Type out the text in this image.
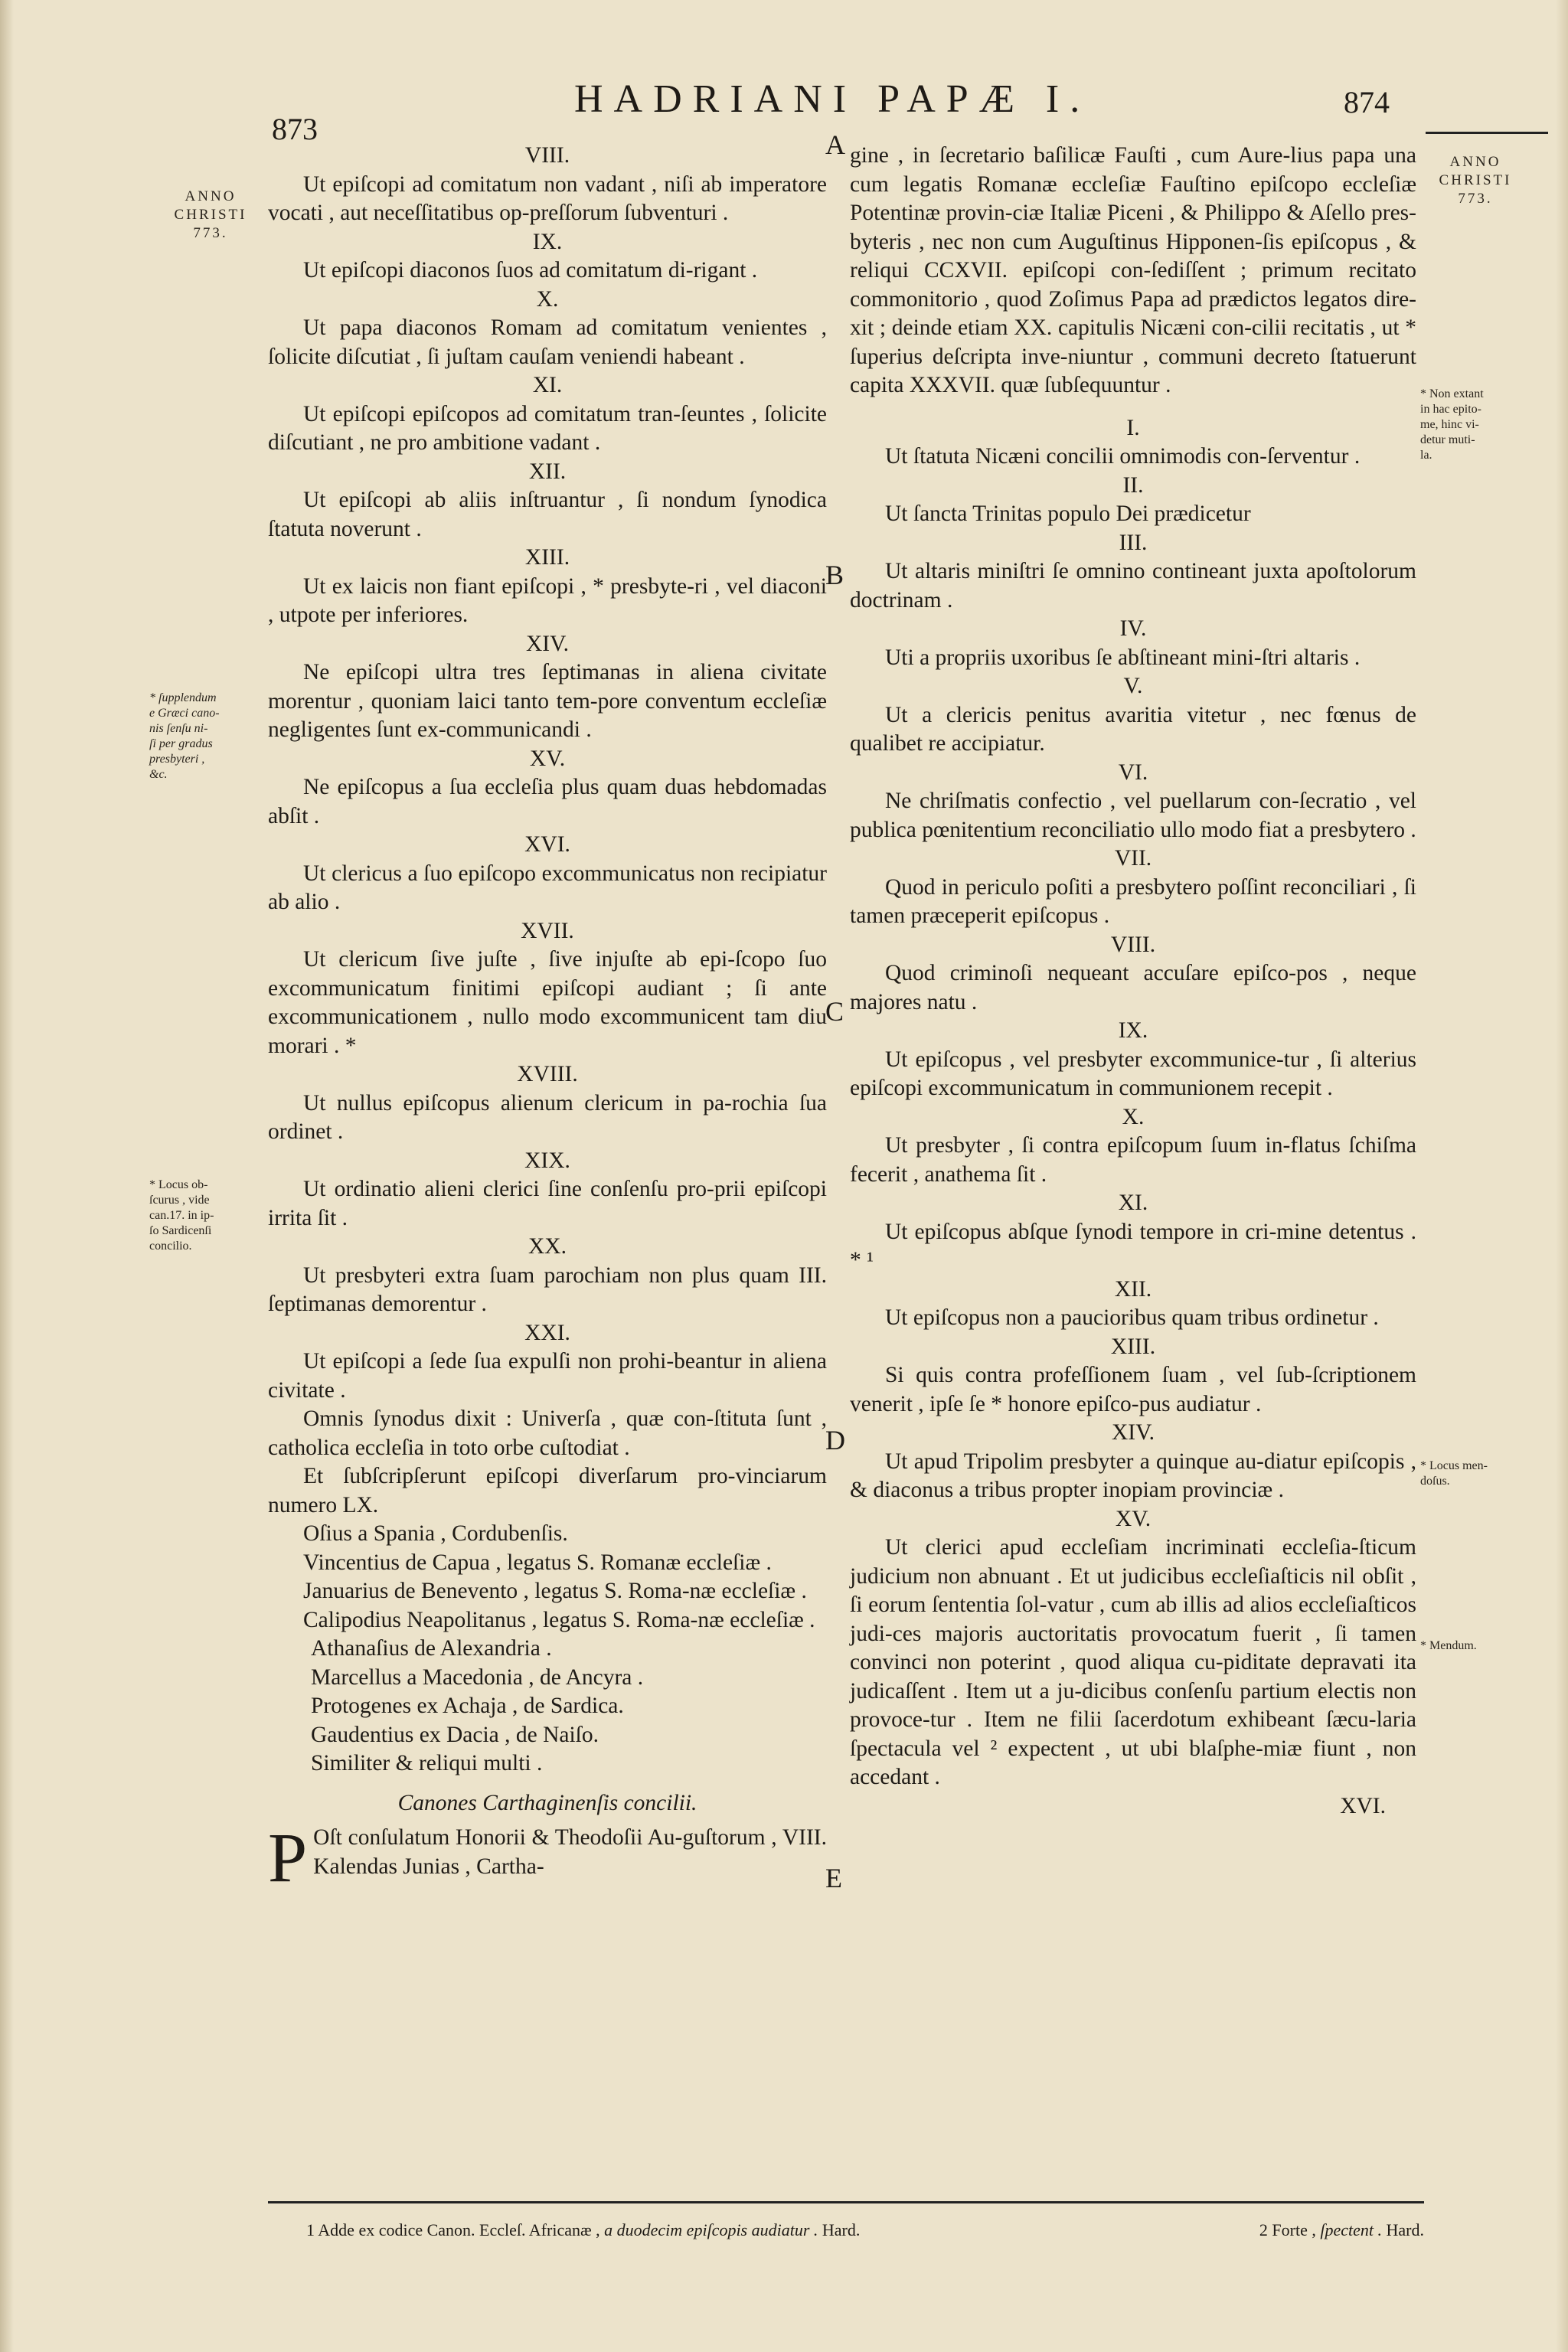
873
HADRIANI PAPÆ I.	874
ANNO
CHRISTI
773.
* ſupplendum
e Græci cano-
nis ſenſu ni-
ſi per gradus
presbyteri ,
&c.
* Locus ob-
ſcurus , vide
can.17. in ip-
ſo Sardicenſi
concilio.
ANNO
CHRISTI
773.
* Non extant
in hac epito-
me, hinc vi-
detur muti-
la.
* Locus men-
doſus.
* Mendum.
A
B
C
D
E

VIII.

Ut epiſcopi ad comitatum non vadant , niſi ab imperatore vocati , aut neceſſitatibus op-preſſorum ſubventuri .

IX.

Ut epiſcopi diaconos ſuos ad comitatum di-rigant .

X.

Ut papa diaconos Romam ad comitatum venientes , ſolicite diſcutiat , ſi juſtam cauſam veniendi habeant .

XI.

Ut epiſcopi epiſcopos ad comitatum tran-ſeuntes , ſolicite diſcutiant , ne pro ambitione vadant .

XII.

Ut epiſcopi ab aliis inſtruantur , ſi nondum ſynodica ſtatuta noverunt .

XIII.

Ut ex laicis non fiant epiſcopi , * presbyte-ri , vel diaconi , utpote per inferiores.

XIV.

Ne epiſcopi ultra tres ſeptimanas in aliena civitate morentur , quoniam laici tanto tem-pore conventum eccleſiæ negligentes ſunt ex-communicandi .

XV.

Ne epiſcopus a ſua eccleſia plus quam duas hebdomadas abſit .

XVI.

Ut clericus a ſuo epiſcopo excommunicatus non recipiatur ab alio .

XVII.

Ut clericum ſive juſte , ſive injuſte ab epi-ſcopo ſuo excommunicatum finitimi epiſcopi audiant ; ſi ante excommunicationem , nullo modo excommunicent tam diu morari . *

XVIII.

Ut nullus epiſcopus alienum clericum in pa-rochia ſua ordinet .

XIX.

Ut ordinatio alieni clerici ſine conſenſu pro-prii epiſcopi irrita ſit .

XX.

Ut presbyteri extra ſuam parochiam non plus quam III. ſeptimanas demorentur .

XXI.

Ut epiſcopi a ſede ſua expulſi non prohi-beantur in aliena civitate .

Omnis ſynodus dixit : Univerſa , quæ con-ſtituta ſunt , catholica eccleſia in toto orbe cuſtodiat .

Et ſubſcripſerunt epiſcopi diverſarum pro-vinciarum numero LX.

Oſius a Spania , Cordubenſis.

Vincentius de Capua , legatus S. Romanæ eccleſiæ .

Januarius de Benevento , legatus S. Roma-næ eccleſiæ .

Calipodius Neapolitanus , legatus S. Roma-næ eccleſiæ .

Athanaſius de Alexandria .

Marcellus a Macedonia , de Ancyra .

Protogenes ex Achaja , de Sardica.

Gaudentius ex Dacia , de Naiſo.

Similiter & reliqui multi .

Canones Carthaginenſis concilii.

P Oſt conſulatum Honorii & Theodoſii Au-guſtorum , VIII. Kalendas Junias , Cartha-

gine , in ſecretario baſilicæ Fauſti , cum Aure-lius papa una cum legatis Romanæ eccleſiæ Fauſtino epiſcopo eccleſiæ Potentinæ provin-ciæ Italiæ Piceni , & Philippo & Aſello pres-byteris , nec non cum Auguſtinus Hipponen-ſis epiſcopus , & reliqui CCXVII. epiſcopi con-ſediſſent ; primum recitato commonitorio , quod Zoſimus Papa ad prædictos legatos dire-xit ; deinde etiam XX. capitulis Nicæni con-cilii recitatis , ut * ſuperius deſcripta inve-niuntur , communi decreto ſtatuerunt capita XXXVII. quæ ſubſequuntur .

I.

Ut ſtatuta Nicæni concilii omnimodis con-ſerventur .

II.

Ut ſancta Trinitas populo Dei prædicetur

III.

Ut altaris miniſtri ſe omnino contineant juxta apoſtolorum doctrinam .

IV.

Uti a propriis uxoribus ſe abſtineant mini-ſtri altaris .

V.

Ut a clericis penitus avaritia vitetur , nec fœnus de qualibet re accipiatur.

VI.

Ne chriſmatis confectio , vel puellarum con-ſecratio , vel publica pœnitentium reconciliatio ullo modo fiat a presbytero .

VII.

Quod in periculo poſiti a presbytero poſſint reconciliari , ſi tamen præceperit epiſcopus .

VIII.

Quod criminoſi nequeant accuſare epiſco-pos , neque majores natu .

IX.

Ut epiſcopus , vel presbyter excommunice-tur , ſi alterius epiſcopi excommunicatum in communionem recepit .

X.

Ut presbyter , ſi contra epiſcopum ſuum in-flatus ſchiſma fecerit , anathema ſit .

XI.

Ut epiſcopus abſque ſynodi tempore in cri-mine detentus . * ¹

XII.

Ut epiſcopus non a paucioribus quam tribus ordinetur .

XIII.

Si quis contra profeſſionem ſuam , vel ſub-ſcriptionem venerit , ipſe ſe * honore epiſco-pus audiatur .

XIV.

Ut apud Tripolim presbyter a quinque au-diatur epiſcopis , & diaconus a tribus propter inopiam provinciæ .

XV.

Ut clerici apud eccleſiam incriminati eccleſia-ſticum judicium non abnuant . Et ut judicibus eccleſiaſticis nil obſit , ſi eorum ſententia ſol-vatur , cum ab illis ad alios eccleſiaſticos judi-ces majoris auctoritatis provocatum fuerit , ſi tamen convinci non poterint , quod aliqua cu-piditate depravati ita judicaſſent . Item ut a ju-dicibus conſenſu partium electis non provoce-tur . Item ne filii ſacerdotum exhibeant ſæcu-laria ſpectacula vel ² expectent , ut ubi blaſphe-miæ fiunt , non accedant .

XVI.

1 Adde ex codice Canon. Eccleſ. Africanæ , a duodecim epiſcopis audiatur . Hard.	2 Forte , ſpectent . Hard.
